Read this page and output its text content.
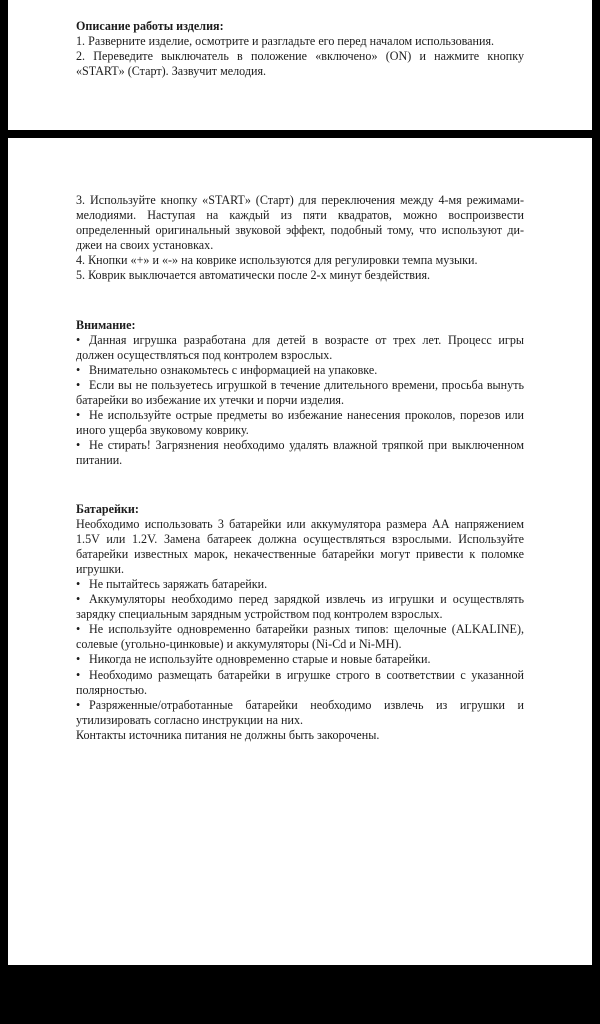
Описание работы изделия:

1. Разверните изделие, осмотрите и разгладьте его перед началом использования.

2. Переведите выключатель в положение «включено» (ON) и нажмите кнопку «START» (Старт). Зазвучит мелодия.

3. Используйте кнопку «START» (Старт) для переключения между 4-мя режимами-мелодиями. Наступая на каждый из пяти квадратов, можно воспроизвести определенный оригинальный звуковой эффект, подобный тому, что используют диджеи на своих установках.

4. Кнопки «+» и «-» на коврике используются для регулировки темпа музыки.

5. Коврик выключается автоматически после 2-х минут бездействия.

Внимание:

• Данная игрушка разработана для детей в возрасте от трех лет. Процесс игры должен осуществляться под контролем взрослых.

• Внимательно ознакомьтесь с информацией на упаковке.

• Если вы не пользуетесь игрушкой в течение длительного времени, просьба вынуть батарейки во избежание их утечки и порчи изделия.

• Не используйте острые предметы во избежание нанесения проколов, порезов или иного ущерба звуковому коврику.

• Не стирать! Загрязнения необходимо удалять влажной тряпкой при выключенном питании.

Батарейки:

Необходимо использовать 3 батарейки или аккумулятора размера АА напряжением 1.5V или 1.2V. Замена батареек должна осуществляться взрослыми. Используйте батарейки известных марок, некачественные батарейки могут привести к поломке игрушки.

• Не пытайтесь заряжать батарейки.

• Аккумуляторы необходимо перед зарядкой извлечь из игрушки и осуществлять зарядку специальным зарядным устройством под контролем взрослых.

• Не используйте одновременно батарейки разных типов: щелочные (ALKALINE), солевые (угольно-цинковые) и аккумуляторы (Ni-Cd и Ni-MH).

• Никогда не используйте одновременно старые и новые батарейки.

• Необходимо размещать батарейки в игрушке строго в соответствии с указанной полярностью.

• Разряженные/отработанные батарейки необходимо извлечь из игрушки и утилизировать согласно инструкции на них.

Контакты источника питания не должны быть закорочены.
